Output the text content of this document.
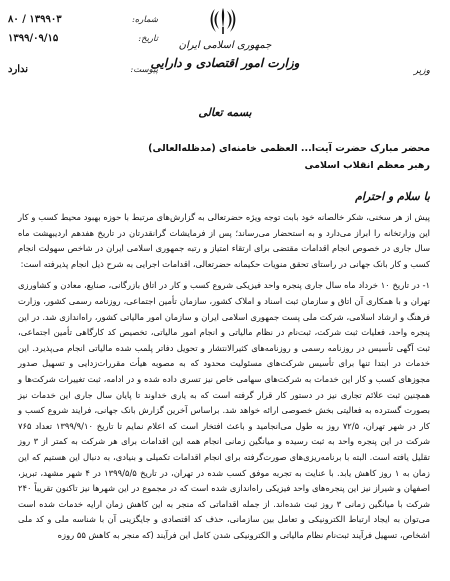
جمهوری اسلامی ایران
وزارت امور اقتصادی و دارایی
وزیر
شماره:
۸۰ / ۱۳۹۹۰۳
تاریخ:
۱۳۹۹/۰۹/۱۵
پیوست:
ندارد
بسمه تعالی
محضر مبارک حضرت آیت‌ا... العظمی خامنه‌ای (مدظله‌العالی)
رهبر معظم انقلاب اسلامی
با سلام و احترام

پیش از هر سخنی، شکر خالصانه خود بابت توجه ویژه حضرتعالی به گزارش‌های مرتبط با حوزه بهبود محیط کسب و کار این وزارتخانه را ابراز می‌دارد و به استحضار می‌رساند؛ پس از فرمایشات گرانقدرتان در تاریخ هفدهم اردیبهشت ماه سال جاری در خصوص انجام اقدامات مقتضی برای ارتقاء امتیاز و رتبه جمهوری اسلامی ایران در شاخص سهولت انجام کسب و کار بانک جهانی در راستای تحقق منویات حکیمانه حضرتعالی، اقدامات اجرایی به شرح ذیل انجام پذیرفته است:

۱- در تاریخ ۱۰ خرداد ماه سال جاری پنجره واحد فیزیکی شروع کسب و کار در اتاق بازرگانی، صنایع، معادن و کشاورزی تهران و با همکاری آن اتاق و سازمان ثبت اسناد و املاک کشور، سازمان تأمین اجتماعی، روزنامه رسمی کشور، وزارت فرهنگ و ارشاد اسلامی، شرکت ملی پست جمهوری اسلامی ایران و سازمان امور مالیاتی کشور، راه‌اندازی شد. در این پنجره واحد، فعلیات ثبت شرکت، ثبت‌نام در نظام مالیاتی و انجام امور مالیاتی، تخصیص کد کارگاهی تأمین اجتماعی، ثبت آگهی تأسیس در روزنامه رسمی و روزنامه‌های کثیرالانتشار و تحویل دفاتر پلمب شده مالیاتی انجام می‌پذیرد. این خدمات در ابتدا تنها برای تأسیس شرکت‌های مسئولیت محدود که به مصوبه هیأت مقررات‌زدایی و تسهیل صدور مجوزهای کسب و کار این خدمات به شرکت‌های سهامی خاص نیز تسری داده شده و در ادامه، ثبت تغییرات شرکت‌ها و همچنین ثبت علائم تجاری نیز در دستور کار قرار گرفته است که به یاری خداوند تا پایان سال جاری این خدمات نیز بصورت گسترده به فعالیتی بخش خصوصی ارائه خواهد شد. براساس آخرین گزارش بانک جهانی، فرایند شروع کسب و کار در شهر تهران، ۷۲/۵ روز به طول می‌انجامید و باعث افتخار است که اعلام نمایم تا تاریخ ۱۳۹۹/۹/۱۰ تعداد ۷۶۵ شرکت در این پنجره واحد به ثبت رسیده و میانگین زمانی انجام همه این اقدامات برای هر شرکت به کمتر از ۳ روز تقلیل یافته است. البته با برنامه‌ریزی‌های صورت‌گرفته برای انجام اقدامات تکمیلی و بنیادی، به دنبال این هستیم که این زمان به ۱ روز کاهش یابد. با عنایت به تجربه موفق کسب شده در تهران، در تاریخ ۱۳۹۹/۵/۵ در ۴ شهر مشهد، تبریز، اصفهان و شیراز نیز این پنجره‌های واحد فیزیکی راه‌اندازی شده است که در مجموع در این شهرها نیز تاکنون تقریباً ۲۴۰ شرکت با میانگین زمانی ۳ روز ثبت شده‌اند. از جمله اقداماتی که منجر به این کاهش زمان ارایه خدمات شده است می‌توان به ایجاد ارتباط الکترونیکی و تعامل بین سازمانی، حذف کد اقتصادی و جایگزینی آن با شناسه ملی و کد ملی اشخاص، تسهیل فرآیند ثبت‌نام نظام مالیاتی و الکترونیکی شدن کامل این فرآیند (که منجر به کاهش ۵۵ روزه
